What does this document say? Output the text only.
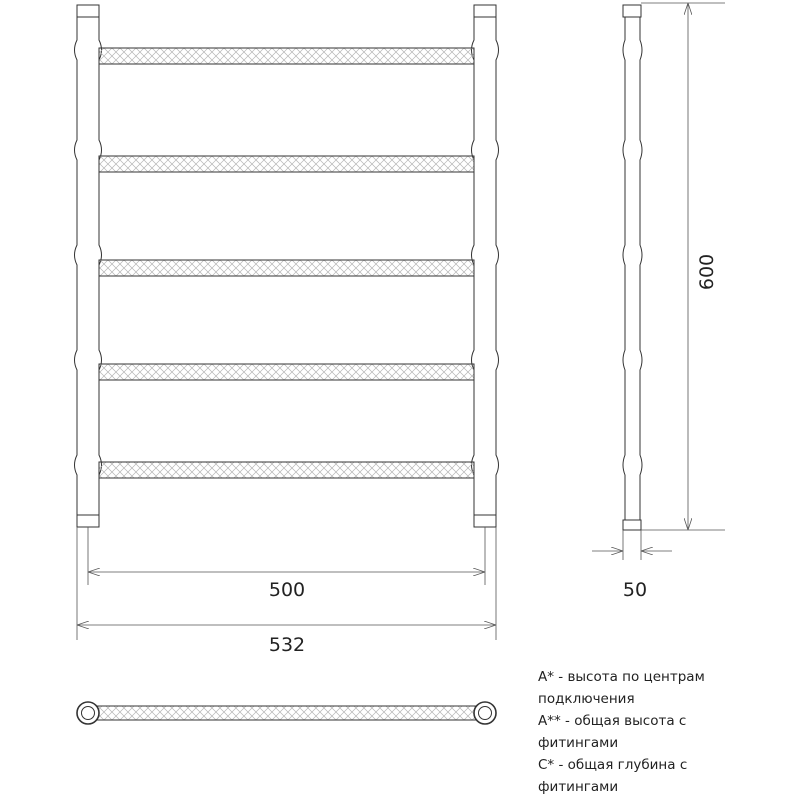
500
532
600
50
A* - высота по центрам
подключения
A** - общая высота с
фитингами
C* - общая глубина с
фитингами
